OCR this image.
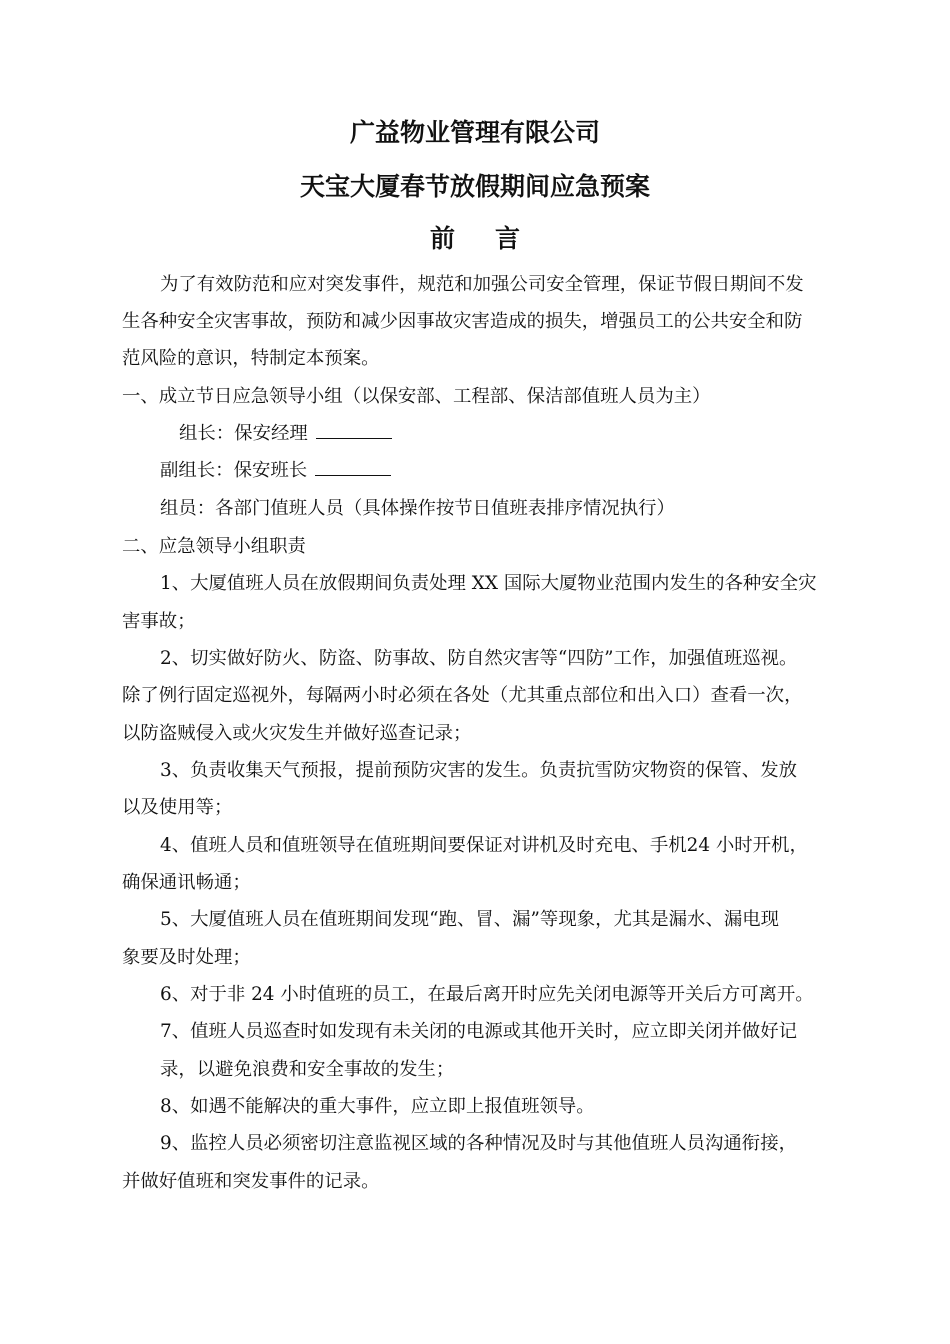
广益物业管理有限公司
天宝大厦春节放假期间应急预案
前言
为了有效防范和应对突发事件，规范和加强公司安全管理，保证节假日期间不发
生各种安全灾害事故，预防和减少因事故灾害造成的损失，增强员工的公共安全和防
范风险的意识，特制定本预案。
一、成立节日应急领导小组（以保安部、工程部、保洁部值班人员为主）
组长：保安经理
副组长：保安班长
组员：各部门值班人员（具体操作按节日值班表排序情况执行）
二、应急领导小组职责
1、大厦值班人员在放假期间负责处理 XX 国际大厦物业范围内发生的各种安全灾
害事故；
2、切实做好防火、防盗、防事故、防自然灾害等“四防”工作，加强值班巡视。
除了例行固定巡视外，每隔两小时必须在各处（尤其重点部位和出入口）查看一次，
以防盗贼侵入或火灾发生并做好巡查记录；
3、负责收集天气预报，提前预防灾害的发生。负责抗雪防灾物资的保管、发放
以及使用等；
4、值班人员和值班领导在值班期间要保证对讲机及时充电、手机24 小时开机，
确保通讯畅通；
5、大厦值班人员在值班期间发现“跑、冒、漏”等现象，尤其是漏水、漏电现
象要及时处理；
6、对于非 24 小时值班的员工，在最后离开时应先关闭电源等开关后方可离开。
7、值班人员巡查时如发现有未关闭的电源或其他开关时，应立即关闭并做好记
录，以避免浪费和安全事故的发生；
8、如遇不能解决的重大事件，应立即上报值班领导。
9、监控人员必须密切注意监视区域的各种情况及时与其他值班人员沟通衔接，
并做好值班和突发事件的记录。
